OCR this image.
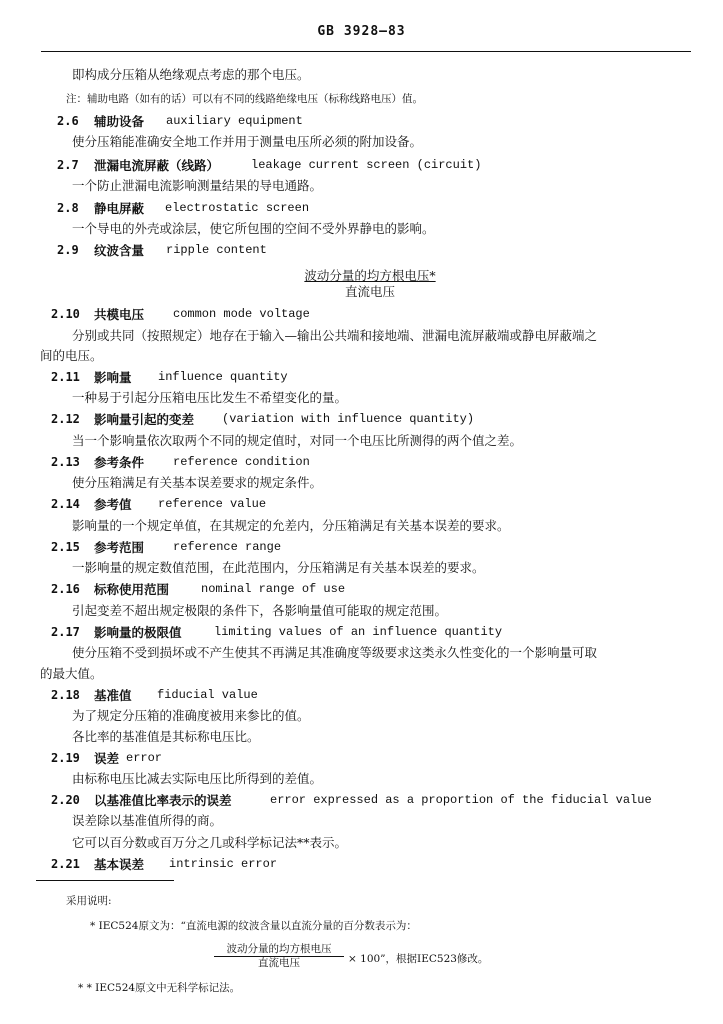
GB 3928—83
即构成分压箱从绝缘观点考虑的那个电压。
注：辅助电路（如有的话）可以有不同的线路绝缘电压（标称线路电压）值。
2.6 辅助设备 auxiliary equipment
使分压箱能准确安全地工作并用于测量电压所必须的附加设备。
2.7 泄漏电流屏蔽（线路）	leakage current screen (circuit)
一个防止泄漏电流影响测量结果的导电通路。
2.8 静电屏蔽 electrostatic screen
一个导电的外壳或涂层，使它所包围的空间不受外界静电的影响。
2.9 纹波含量 ripple content
波动分量的均方根电压*
直流电压
2.10 共模电压 common mode voltage
分别或共同（按照规定）地存在于输入—输出公共端和接地端、泄漏电流屏蔽端或静电屏蔽端之
间的电压。
2.11 影响量 influence quantity
一种易于引起分压箱电压比发生不希望变化的量。
2.12 影响量引起的变差 (variation with influence quantity)
当一个影响量依次取两个不同的规定值时，对同一个电压比所测得的两个值之差。
2.13 参考条件 reference condition
使分压箱满足有关基本误差要求的规定条件。
2.14 参考值 reference value
影响量的一个规定单值，在其规定的允差内，分压箱满足有关基本误差的要求。
2.15 参考范围 reference range
一影响量的规定数值范围，在此范围内，分压箱满足有关基本误差的要求。
2.16 标称使用范围	nominal range of use
引起变差不超出规定极限的条件下，各影响量值可能取的规定范围。
2.17 影响量的极限值	limiting values of an influence quantity
使分压箱不受到损坏或不产生使其不再满足其准确度等级要求这类永久性变化的一个影响量可取
的最大值。
2.18 基准值 fiducial value
为了规定分压箱的准确度被用来参比的值。
各比率的基准值是其标称电压比。
2.19 误差 error
由标称电压比减去实际电压比所得到的差值。
2.20 以基准值比率表示的误差	error expressed as a proportion of the fiducial value
误差除以基准值所得的商。
它可以百分数或百万分之几或科学标记法**表示。
2.21 基本误差 intrinsic error
采用说明:
* IEC524原文为：“直流电源的纹波含量以直流分量的百分数表示为：
波动分量的均方根电压
直流电压	× 100”，根据IEC523修改。
* * IEC524原文中无科学标记法。
